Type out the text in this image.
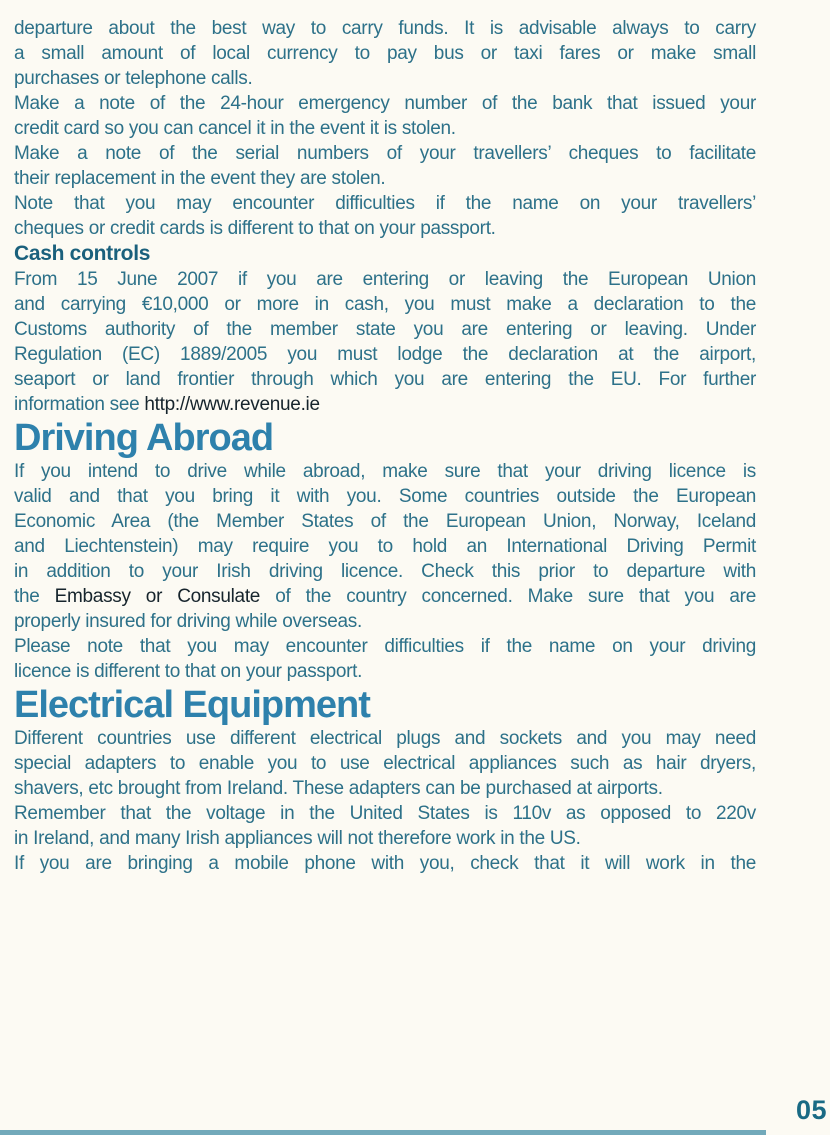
departure about the best way to carry funds. It is advisable always to carry
a small amount of local currency to pay bus or taxi fares or make small
purchases or telephone calls.

Make a note of the 24-hour emergency number of the bank that issued your
credit card so you can cancel it in the event it is stolen.

Make a note of the serial numbers of your travellers’ cheques to facilitate
their replacement in the event they are stolen.

Note that you may encounter difficulties if the name on your travellers’
cheques or credit cards is different to that on your passport.

Cash controls

From 15 June 2007 if you are entering or leaving the European Union
and carrying €10,000 or more in cash, you must make a declaration to the
Customs authority of the member state you are entering or leaving. Under
Regulation (EC) 1889/2005 you must lodge the declaration at the airport,
seaport or land frontier through which you are entering the EU. For further
information see http://www.revenue.ie

Driving Abroad

If you intend to drive while abroad, make sure that your driving licence is
valid and that you bring it with you. Some countries outside the European
Economic Area (the Member States of the European Union, Norway, Iceland
and Liechtenstein) may require you to hold an International Driving Permit
in addition to your Irish driving licence. Check this prior to departure with
the Embassy or Consulate of the country concerned. Make sure that you are
properly insured for driving while overseas.

Please note that you may encounter difficulties if the name on your driving
licence is different to that on your passport.

Electrical Equipment

Different countries use different electrical plugs and sockets and you may need
special adapters to enable you to use electrical appliances such as hair dryers,
shavers, etc brought from Ireland. These adapters can be purchased at airports.

Remember that the voltage in the United States is 110v as opposed to 220v
in Ireland, and many Irish appliances will not therefore work in the US.

If you are bringing a mobile phone with you, check that it will work in the

05
